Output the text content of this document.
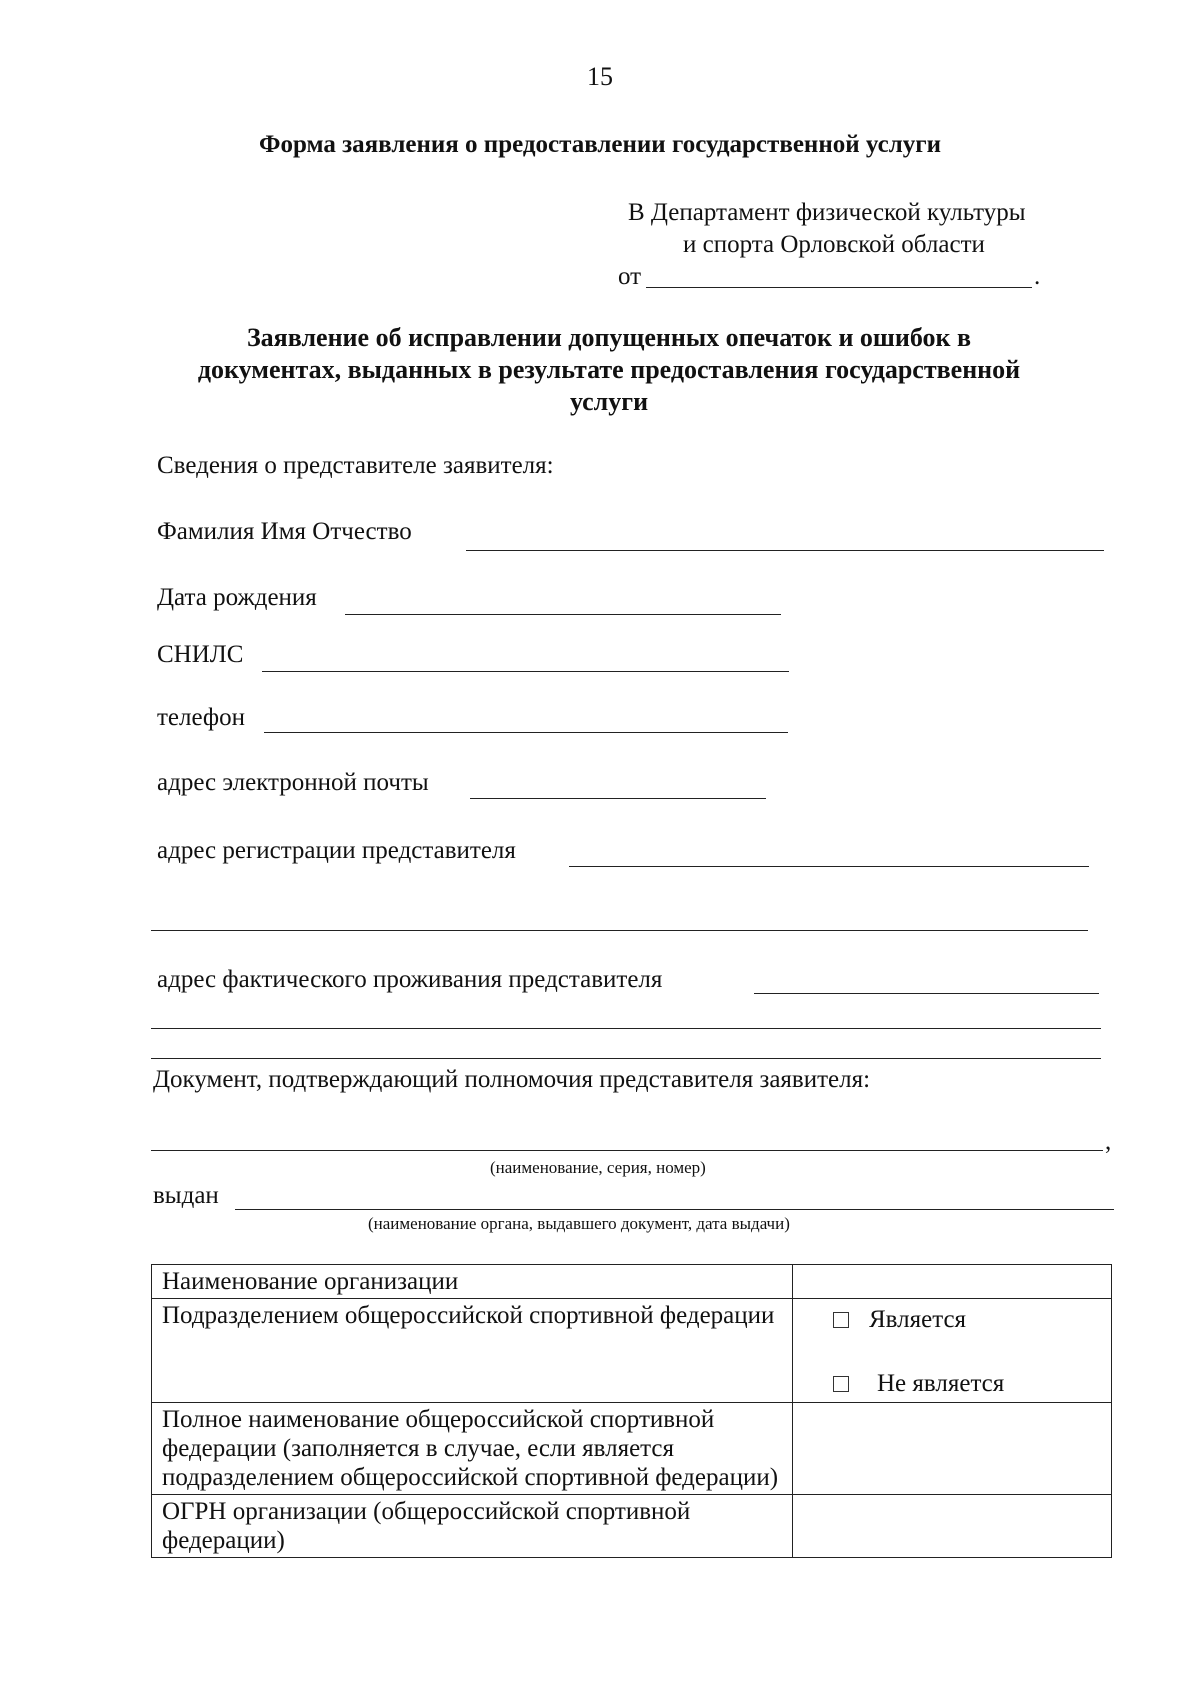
15
Форма заявления о предоставлении государственной услуги
В Департамент физической культуры
и спорта Орловской области
от	.
Заявление об исправлении допущенных опечаток и ошибок в
документах, выданных в результате предоставления государственной
услуги
Сведения о представителе заявителя:
Фамилия Имя Отчество
Дата рождения
СНИЛС
телефон
адрес электронной почты
адрес регистрации представителя
адрес фактического проживания представителя
Документ, подтверждающий полномочия представителя заявителя:
,
(наименование, серия, номер)
выдан
(наименование органа, выдавшего документ, дата выдачи)
Наименование организации	
Подразделением общероссийской спортивной федерации	Является
Не является

Полное наименование общероссийской спортивной федерации (заполняется в случае, если является подразделением общероссийской спортивной федерации)	
ОГРН организации (общероссийской спортивной федерации)	
